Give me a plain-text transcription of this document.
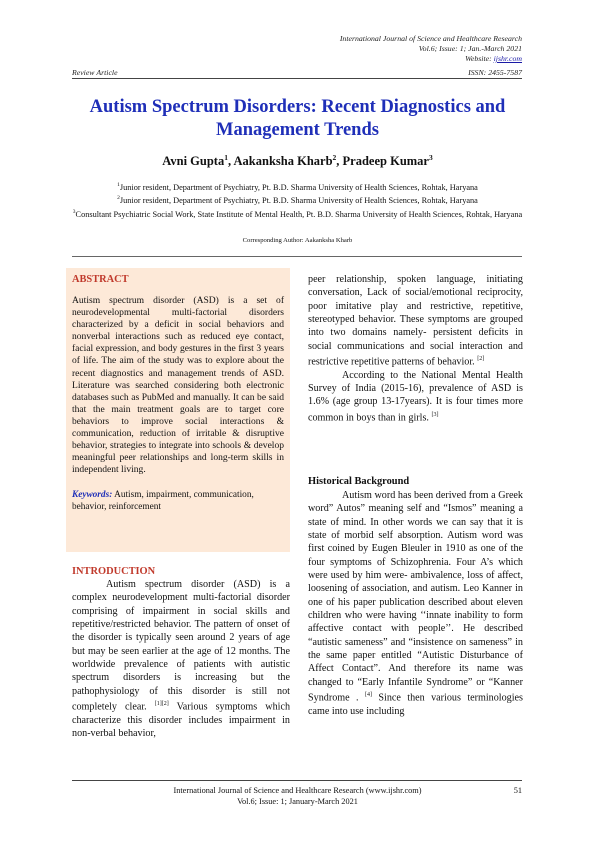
International Journal of Science and Healthcare Research
Vol.6; Issue: 1; Jan.-March 2021
Website: ijshr.com
Review Article	ISSN: 2455-7587
Autism Spectrum Disorders: Recent Diagnostics and Management Trends
Avni Gupta$^1$, Aakanksha Kharb$^2$, Pradeep Kumar$^3$
$^1$Junior resident, Department of Psychiatry, Pt. B.D. Sharma University of Health Sciences, Rohtak, Haryana
$^2$Junior resident, Department of Psychiatry, Pt. B.D. Sharma University of Health Sciences, Rohtak, Haryana
$^3$Consultant Psychiatric Social Work, State Institute of Mental Health, Pt. B.D. Sharma University of Health Sciences, Rohtak, Haryana
Corresponding Author: Aakanksha Kharb
ABSTRACT

Autism spectrum disorder (ASD) is a set of neurodevelopmental multi-factorial disorders characterized by a deficit in social behaviors and nonverbal interactions such as reduced eye contact, facial expression, and body gestures in the first 3 years of life. The aim of the study was to explore about the recent diagnostics and management trends of ASD. Literature was searched considering both electronic databases such as PubMed and manually. It can be said that the main treatment goals are to target core behaviors to improve social interactions & communication, reduction of irritable & disruptive behavior, strategies to integrate into schools & develop meaningful peer relationships and long-term skills in independent living.

Keywords: Autism, impairment, communication, behavior, reinforcement
INTRODUCTION

Autism spectrum disorder (ASD) is a complex neurodevelopment multi-factorial disorder comprising of impairment in social skills and repetitive/restricted behavior. The pattern of onset of the disorder is typically seen around 2 years of age but may be seen earlier at the age of 12 months. The worldwide prevalence of patients with autistic spectrum disorders is increasing but the pathophysiology of this disorder is still not completely clear. [1][2] Various symptoms which characterize this disorder includes impairment in non-verbal behavior,

peer relationship, spoken language, initiating conversation, Lack of social/emotional reciprocity, poor imitative play and restrictive, repetitive, stereotyped behavior. These symptoms are grouped into two domains namely- persistent deficits in social communications and social interaction and restrictive repetitive patterns of behavior. [2]

According to the National Mental Health Survey of India (2015-16), prevalence of ASD is 1.6% (age group 13-17years). It is four times more common in boys than in girls. [3]

Historical Background

Autism word has been derived from a Greek word” Autos” meaning self and “Ismos” meaning a state of mind. In other words we can say that it is state of morbid self absorption. Autism word was first coined by Eugen Bleuler in 1910 as one of the four symptoms of Schizophrenia. Four A’s which were used by him were- ambivalence, loss of affect, loosening of association, and autism. Leo Kanner in one of his paper publication described about eleven children who were having ‘‘innate inability to form affective contact with people’’. He described “autistic sameness” and “insistence on sameness” in the same paper entitled “Autistic Disturbance of Affect Contact”. And therefore its name was changed to “Early Infantile Syndrome” or “Kanner Syndrome . [4] Since then various terminologies came into use including

International Journal of Science and Healthcare Research (www.ijshr.com)
Vol.6; Issue: 1; January-March 2021
51
